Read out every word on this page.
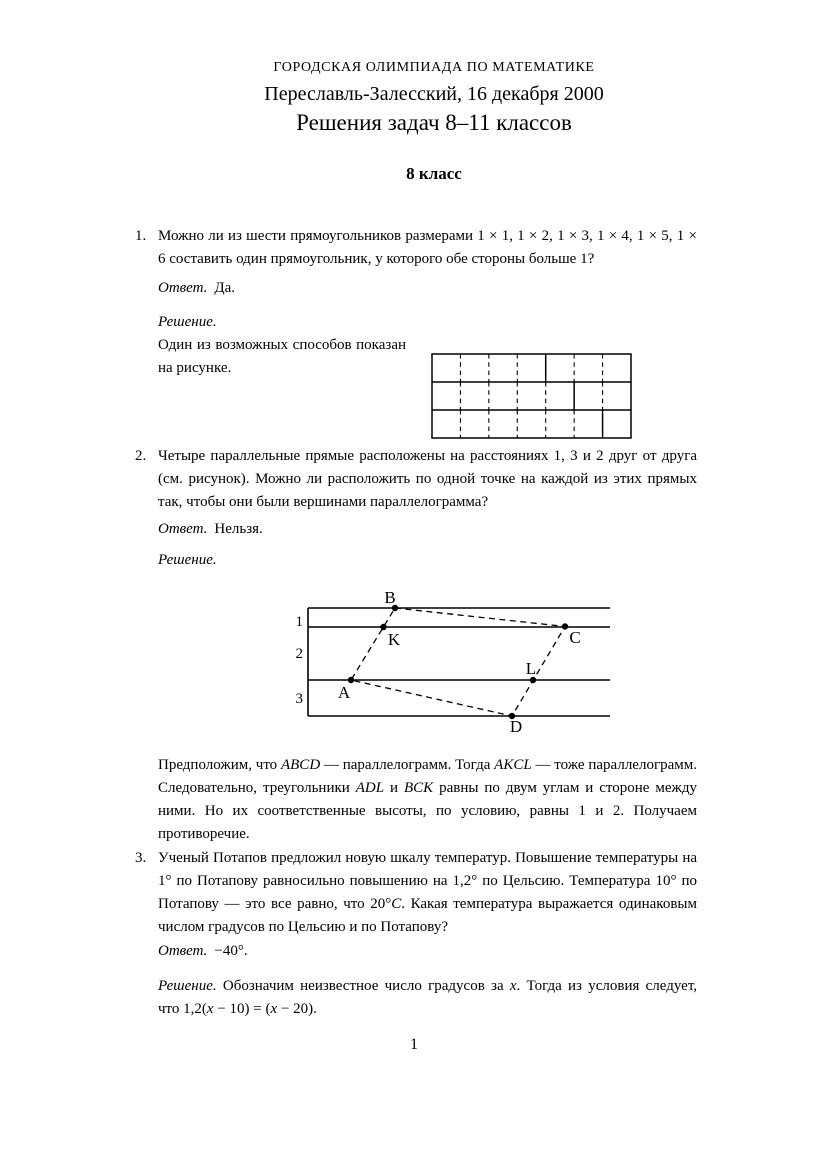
ГОРОДСКАЯ ОЛИМПИАДА ПО МАТЕМАТИКЕ
Переславль-Залесский, 16 декабря 2000
Решения задач 8–11 классов
8 класс
1. Можно ли из шести прямоугольников размерами 1 × 1, 1 × 2, 1 × 3, 1 × 4, 1 × 5, 1 × 6 составить один прямоугольник, у которого обе стороны больше 1?
Ответ. Да.
Решение.
Один из возможных способов показан на рисунке.
2. Четыре параллельные прямые расположены на расстояниях 1, 3 и 2 друг от друга (см. рисунок). Можно ли расположить по одной точке на каждой из этих прямых так, чтобы они были вершинами параллелограмма?
Ответ. Нельзя.
Решение.
B
K	C
A
L
D
1
2
3
Предположим, что ABCD — параллелограмм. Тогда AKCL — тоже параллелограмм. Следовательно, треугольники ADL и BCK равны по двум углам и стороне между ними. Но их соответственные высоты, по условию, равны 1 и 2. Получаем противоречие.
3. Ученый Потапов предложил новую шкалу температур. Повышение температуры на 1° по Потапову равносильно повышению на 1,2° по Цельсию. Температура 10° по Потапову — это все равно, что 20°C. Какая температура выражается одинаковым числом градусов по Цельсию и по Потапову?
Ответ. −40°.
Решение. Обозначим неизвестное число градусов за x. Тогда из условия следует, что 1,2(x − 10) = (x − 20).
1
